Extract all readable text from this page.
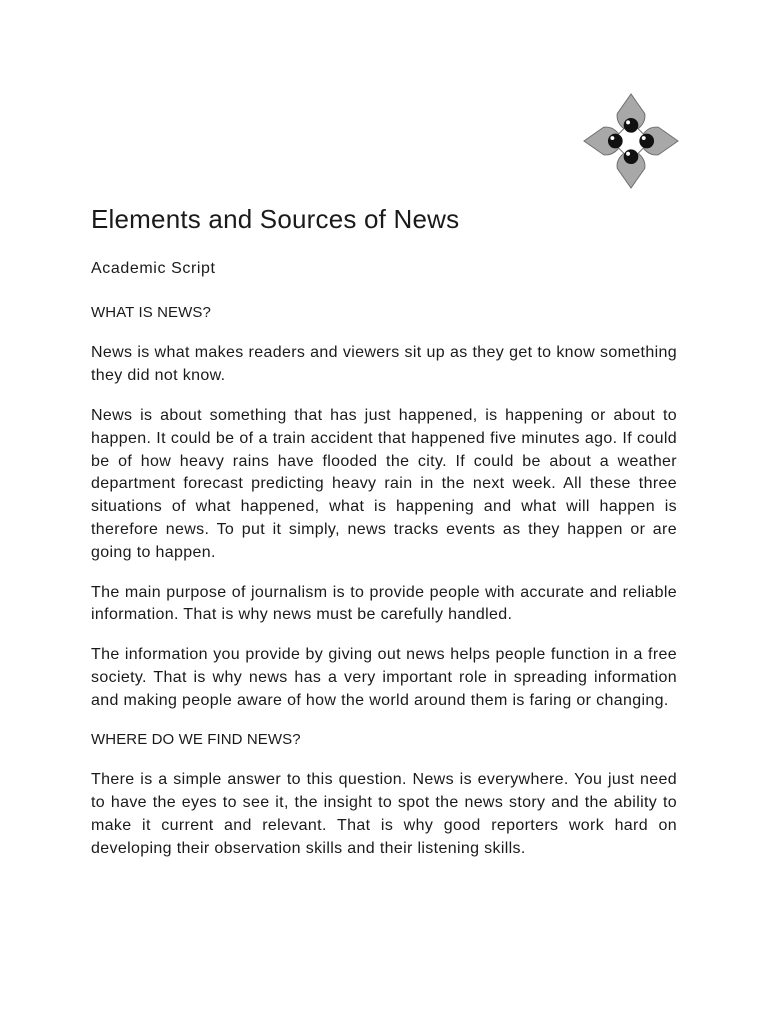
Elements and Sources of News
Academic Script
WHAT IS NEWS?

News is what makes readers and viewers sit up as they get to know something they did not know.

News is about something that has just happened, is happening or about to happen. It could be of a train accident that happened five minutes ago. If could be of how heavy rains have flooded the city. If could be about a weather department forecast predicting heavy rain in the next week. All these three situations of what happened, what is happening and what will happen is therefore news. To put it simply, news tracks events as they happen or are going to happen.

The main purpose of journalism is to provide people with accurate and reliable information. That is why news must be carefully handled.

The information you provide by giving out news helps people function in a free society. That is why news has a very important role in spreading information and making people aware of how the world around them is faring or changing.

WHERE DO WE FIND NEWS?

There is a simple answer to this question. News is everywhere. You just need to have the eyes to see it, the insight to spot the news story and the ability to make it current and relevant. That is why good reporters work hard on developing their observation skills and their listening skills.
